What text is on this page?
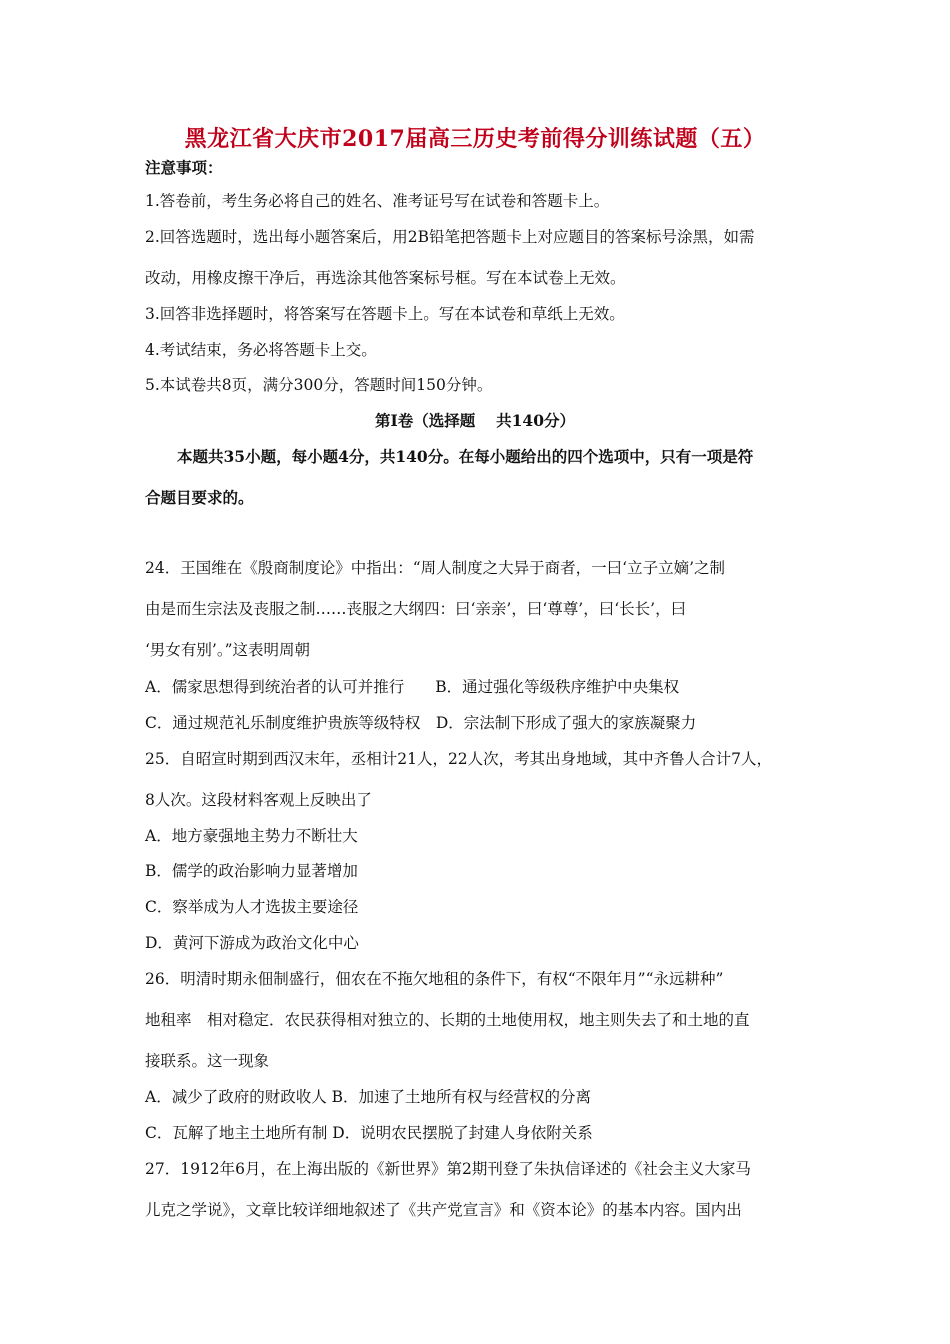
黑龙江省大庆市2017届高三历史考前得分训练试题（五）
注意事项：
1.答卷前，考生务必将自己的姓名、准考证号写在试卷和答题卡上。
2.回答选题时，选出每小题答案后，用2B铅笔把答题卡上对应题目的答案标号涂黑，如需
改动，用橡皮擦干净后，再选涂其他答案标号框。写在本试卷上无效。
3.回答非选择题时，将答案写在答题卡上。写在本试卷和草纸上无效。
4.考试结束，务必将答题卡上交。
5.本试卷共8页，满分300分，答题时间150分钟。
第Ⅰ卷（选择题　 共140分）
本题共35小题，每小题4分，共140分。在每小题给出的四个选项中，只有一项是符
合题目要求的。
24．王国维在《殷商制度论》中指出：“周人制度之大异于商者，一曰‘立子立嫡’之制
由是而生宗法及丧服之制……丧服之大纲四：曰‘亲亲’，曰‘尊尊’，曰‘长长’，曰
‘男女有别’。”这表明周朝
A．儒家思想得到统治者的认可并推行　　B．通过强化等级秩序维护中央集权
C．通过规范礼乐制度维护贵族等级特权　D．宗法制下形成了强大的家族凝聚力
25．自昭宣时期到西汉末年，丞相计21人，22人次，考其出身地域，其中齐鲁人合计7人，
8人次。这段材料客观上反映出了
A．地方豪强地主势力不断壮大
B．儒学的政治影响力显著增加
C．察举成为人才选拔主要途径
D．黄河下游成为政治文化中心
26．明清时期永佃制盛行，佃农在不拖欠地租的条件下，有权“不限年月”“永远耕种”
地租率　相对稳定．农民获得相对独立的、长期的土地使用权，地主则失去了和土地的直
接联系。这一现象
A．减少了政府的财政收人 B．加速了土地所有权与经营权的分离
C．瓦解了地主土地所有制 D．说明农民摆脱了封建人身依附关系
27．1912年6月，在上海出版的《新世界》第2期刊登了朱执信译述的《社会主义大家马
儿克之学说》，文章比较详细地叙述了《共产党宣言》和《资本论》的基本内容。国内出
